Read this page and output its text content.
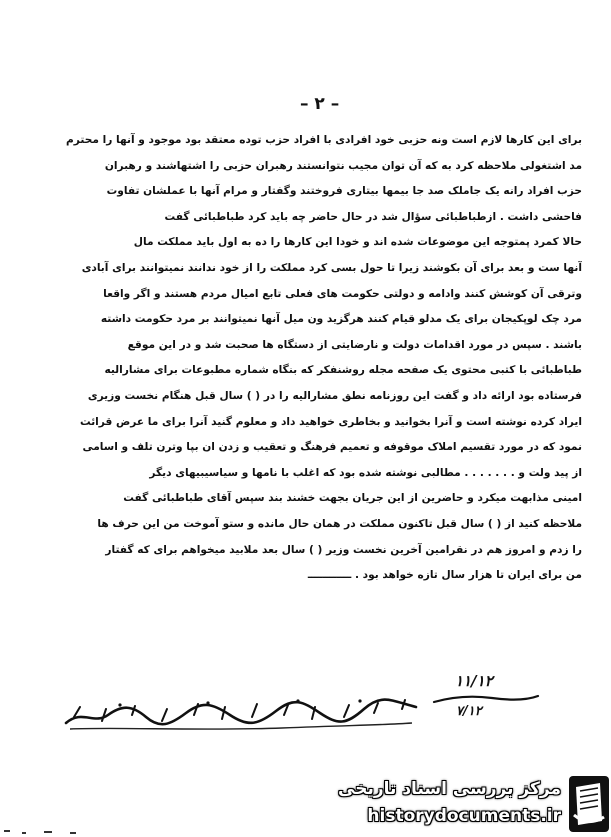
– ۲ –
برای این کارها لازم است ونه حزبی خود افرادی با افراد حزب توده معتقد بود موجود و آنها را محترم
مد اشتغولی ملاحظه کرد به که آن توان مجیب نتوانستند رهبران حزبی را اشتهاشند و رهبران
حزب افراد رانه یک جاملک صد جا بیمها بیتاری فروختند وگفتار و مرام آنها با عملشان تفاوت
فاحشی داشت . ازطباطبائی سؤال شد در حال حاضر چه باید کرد طباطبائی گفت
حالا کمرد پمتوجه این موضوعات شده اند و خودا این کارها را ده به اول باید مملکت مال
آنها ست و بعد برای آن بکوشند زیرا تا حول بسی کرد مملکت را از خود ندانند نمیتوانند برای آبادی
وترقی آن کوشش کنند وادامه و دولتی حکومت های فعلی تابع امیال مردم هستند و اگر واقعا
مرد چک لوپکیجان برای یک مدلو قیام کنند هرگزید ون میل آنها نمیتوانند بر مرد حکومت داشته
باشند . سپس در مورد اقدامات دولت و نارضایتی از دستگاه ها صحبت شد و در این موقع
طباطبائی با کتبی محتوی یک صفحه مجله روشنفکر که بنگاه شماره مطبوعات برای مشارالیه
فرستاده بود ارائه داد و گفت این روزنامه نطق مشارالیه را در ( ) سال قبل هنگام نخست وزیری
ایراد کرده نوشته است و آنرا بخوانید و بخاطری خواهید داد و معلوم گنید آنرا برای ما عرض قرائت
نمود که در مورد تقسیم املاک موقوفه و تعمیم فرهنگ و تعقیب و زدن ان بپا وترن تلف و اسامی
از پید ولت و . . . . . . . مطالبی نوشته شده بود که اغلب با نامها و سیاسیبیهای دیگر
امینی مذابهت میکرد و حاضرین از این جریان بجهت خشند بند سپس آقای طباطبائی گفت
ملاحظه کنید از ( ) سال قبل تاکنون مملکت در همان حال مانده و ستو آموخت من این حرف ها
را زدم و امروز هم در نقرامین آخرین نخست وزیر ( ) سال بعد ملابید میخواهم برای که گفتار
من برای ایران تا هزار سال تازه خواهد بود . ــــــــــــ
۱۱/۱۲
۷/۱۲
مرکز بررسی اسناد تاریخی
historydocuments.ir
